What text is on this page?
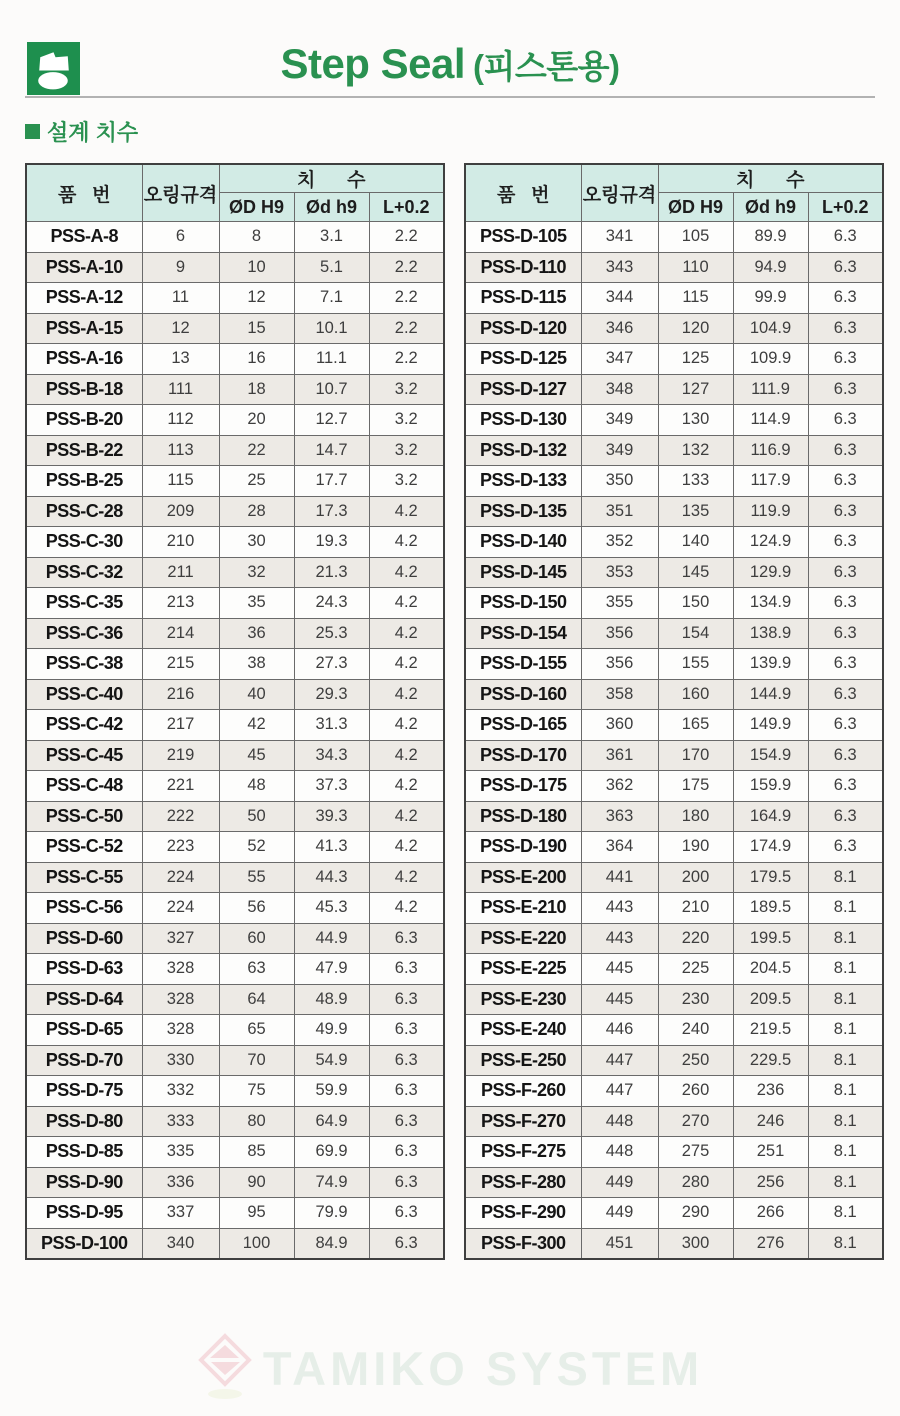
Step Seal (피스톤용)
설계 치수
품   번	오링규격	치      수		
		ØD H9	Ød h9	L+0.2
PSS-A-8	6	8	3.1	2.2
PSS-A-10	9	10	5.1	2.2
PSS-A-12	11	12	7.1	2.2
PSS-A-15	12	15	10.1	2.2
PSS-A-16	13	16	11.1	2.2
PSS-B-18	111	18	10.7	3.2
PSS-B-20	112	20	12.7	3.2
PSS-B-22	113	22	14.7	3.2
PSS-B-25	115	25	17.7	3.2
PSS-C-28	209	28	17.3	4.2
PSS-C-30	210	30	19.3	4.2
PSS-C-32	211	32	21.3	4.2
PSS-C-35	213	35	24.3	4.2
PSS-C-36	214	36	25.3	4.2
PSS-C-38	215	38	27.3	4.2
PSS-C-40	216	40	29.3	4.2
PSS-C-42	217	42	31.3	4.2
PSS-C-45	219	45	34.3	4.2
PSS-C-48	221	48	37.3	4.2
PSS-C-50	222	50	39.3	4.2
PSS-C-52	223	52	41.3	4.2
PSS-C-55	224	55	44.3	4.2
PSS-C-56	224	56	45.3	4.2
PSS-D-60	327	60	44.9	6.3
PSS-D-63	328	63	47.9	6.3
PSS-D-64	328	64	48.9	6.3
PSS-D-65	328	65	49.9	6.3
PSS-D-70	330	70	54.9	6.3
PSS-D-75	332	75	59.9	6.3
PSS-D-80	333	80	64.9	6.3
PSS-D-85	335	85	69.9	6.3
PSS-D-90	336	90	74.9	6.3
PSS-D-95	337	95	79.9	6.3
PSS-D-100	340	100	84.9	6.3
품   번	오링규격	치      수		
		ØD H9	Ød h9	L+0.2
PSS-D-105	341	105	89.9	6.3
PSS-D-110	343	110	94.9	6.3
PSS-D-115	344	115	99.9	6.3
PSS-D-120	346	120	104.9	6.3
PSS-D-125	347	125	109.9	6.3
PSS-D-127	348	127	111.9	6.3
PSS-D-130	349	130	114.9	6.3
PSS-D-132	349	132	116.9	6.3
PSS-D-133	350	133	117.9	6.3
PSS-D-135	351	135	119.9	6.3
PSS-D-140	352	140	124.9	6.3
PSS-D-145	353	145	129.9	6.3
PSS-D-150	355	150	134.9	6.3
PSS-D-154	356	154	138.9	6.3
PSS-D-155	356	155	139.9	6.3
PSS-D-160	358	160	144.9	6.3
PSS-D-165	360	165	149.9	6.3
PSS-D-170	361	170	154.9	6.3
PSS-D-175	362	175	159.9	6.3
PSS-D-180	363	180	164.9	6.3
PSS-D-190	364	190	174.9	6.3
PSS-E-200	441	200	179.5	8.1
PSS-E-210	443	210	189.5	8.1
PSS-E-220	443	220	199.5	8.1
PSS-E-225	445	225	204.5	8.1
PSS-E-230	445	230	209.5	8.1
PSS-E-240	446	240	219.5	8.1
PSS-E-250	447	250	229.5	8.1
PSS-F-260	447	260	236	8.1
PSS-F-270	448	270	246	8.1
PSS-F-275	448	275	251	8.1
PSS-F-280	449	280	256	8.1
PSS-F-290	449	290	266	8.1
PSS-F-300	451	300	276	8.1
TAMIKO SYSTEM
